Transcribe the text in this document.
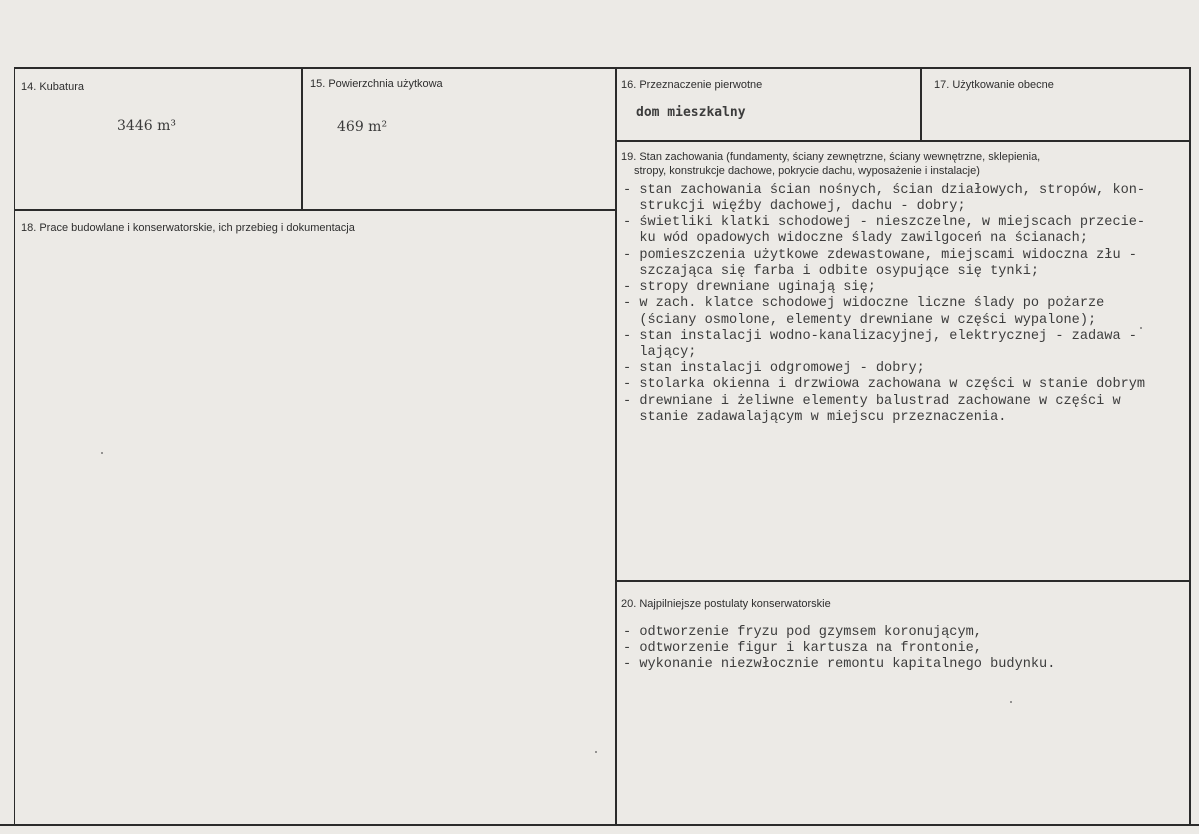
14. Kubatura
3446 m³
15. Powierzchnia użytkowa
469 m²
16. Przeznaczenie pierwotne
dom mieszkalny
17. Użytkowanie obecne
18. Prace budowlane i konserwatorskie, ich przebieg i dokumentacja
19. Stan zachowania (fundamenty, ściany zewnętrzne, ściany wewnętrzne, sklepienia,
stropy, konstrukcje dachowe, pokrycie dachu, wyposażenie i instalacje)
- stan zachowania ścian nośnych, ścian działowych, stropów, kon-
strukcji więźby dachowej, dachu - dobry;
- świetliki klatki schodowej - nieszczelne, w miejscach przecie-
ku wód opadowych widoczne ślady zawilgoceń na ścianach;
- pomieszczenia użytkowe zdewastowane, miejscami widoczna złu -
szczająca się farba i odbite osypujące się tynki;
- stropy drewniane uginają się;
- w zach. klatce schodowej widoczne liczne ślady po pożarze
(ściany osmolone, elementy drewniane w części wypalone);
- stan instalacji wodno-kanalizacyjnej, elektrycznej - zadawa -
lający;
- stan instalacji odgromowej - dobry;
- stolarka okienna i drzwiowa zachowana w części w stanie dobrym
- drewniane i żeliwne elementy balustrad zachowane w części w
stanie zadawalającym w miejscu przeznaczenia.
20. Najpilniejsze postulaty konserwatorskie
- odtworzenie fryzu pod gzymsem koronującym,
- odtworzenie figur i kartusza na frontonie,
- wykonanie niezwłocznie remontu kapitalnego budynku.
